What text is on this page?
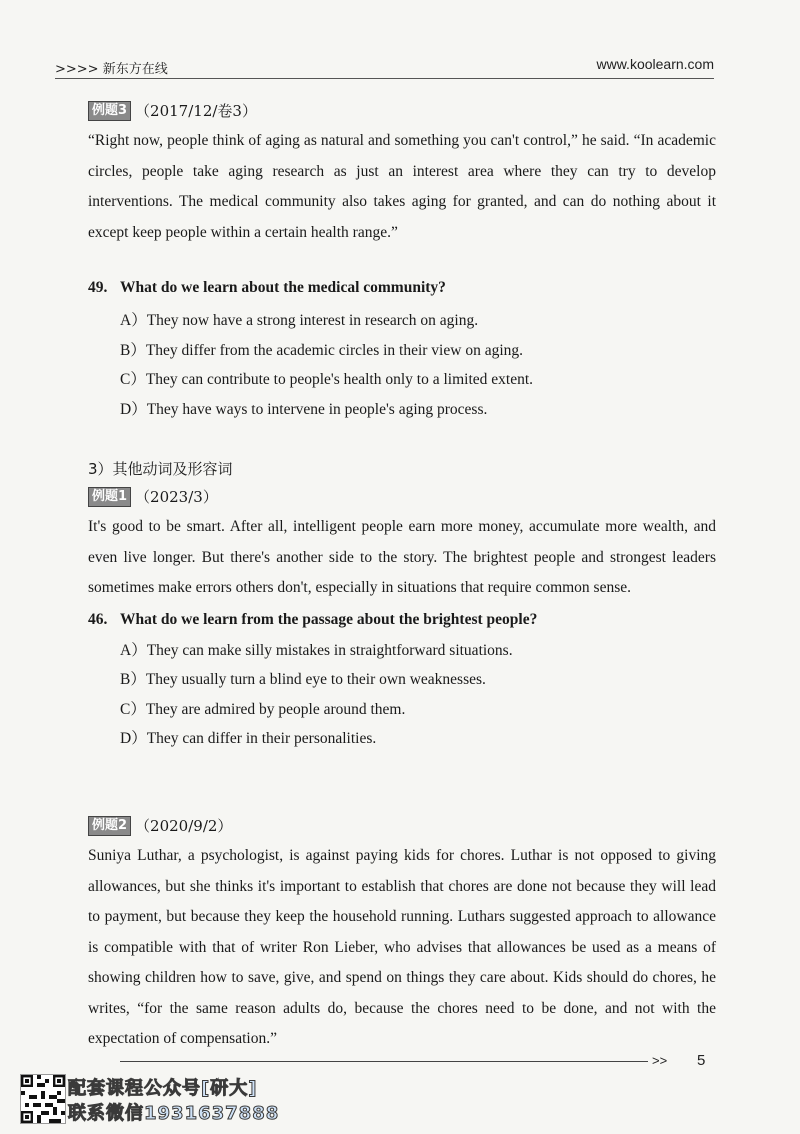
>>>> 新东方在线	www.koolearn.com
例题3 （2017/12/卷3）
“Right now, people think of aging as natural and something you can't control,” he said. “In academic circles, people take aging research as just an interest area where they can try to develop interventions. The medical community also takes aging for granted, and can do nothing about it except keep people within a certain health range.”
49. What do we learn about the medical community?
A）They now have a strong interest in research on aging.
B）They differ from the academic circles in their view on aging.
C）They can contribute to people's health only to a limited extent.
D）They have ways to intervene in people's aging process.
3）其他动词及形容词
例题1 （2023/3）
It's good to be smart. After all, intelligent people earn more money, accumulate more wealth, and even live longer. But there's another side to the story. The brightest people and strongest leaders sometimes make errors others don't, especially in situations that require common sense.
46. What do we learn from the passage about the brightest people?
A）They can make silly mistakes in straightforward situations.
B）They usually turn a blind eye to their own weaknesses.
C）They are admired by people around them.
D）They can differ in their personalities.
例题2 （2020/9/2）
Suniya Luthar, a psychologist, is against paying kids for chores. Luthar is not opposed to giving allowances, but she thinks it's important to establish that chores are done not because they will lead to payment, but because they keep the household running. Luthars suggested approach to allowance is compatible with that of writer Ron Lieber, who advises that allowances be used as a means of showing children how to save, give, and spend on things they care about. Kids should do chores, he writes, “for the same reason adults do, because the chores need to be done, and not with the expectation of compensation.”
>> 5
配套课程公众号[研大]
联系微信1931637888
